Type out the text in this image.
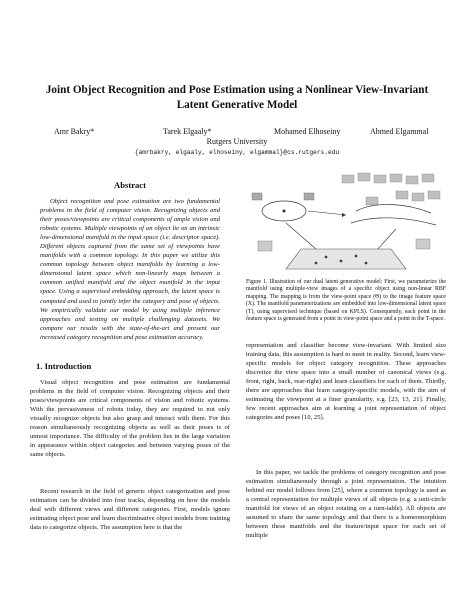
Joint Object Recognition and Pose Estimation using a Nonlinear View-Invariant Latent Generative Model
Amr Bakry*	Tarek Elgaaly*	Mohamed Elhoseiny	Ahmed Elgammal
Rutgers University
{amrbakry, elgaaly, elhoseiny, elgammal}@cs.rutgers.edu
Abstract

Object recognition and pose estimation are two fundamental problems in the field of computer vision. Recognizing objects and their poses/viewpoints are critical components of ample vision and robotic systems. Multiple viewpoints of an object lie on an intrinsic low-dimensional manifold in the input space (i.e. descriptor space). Different objects captured from the same set of viewpoints have manifolds with a common topology. In this paper we utilize this common topology between object manifolds by learning a low-dimensional latent space which non-linearly maps between a common unified manifold and the object manifold in the input space. Using a supervised embedding approach, the latent space is computed and used to jointly infer the category and pose of objects. We empirically validate our model by using multiple inference approaches and testing on multiple challenging datasets. We compare our results with the state-of-the-art and present our increased category recognition and pose estimation accuracy.

Figure 1. Illustration of our dual latent generative model: First, we parameterize the manifold using multiple-view images of a specific object using non-linear RBF mapping. The mapping is from the view-point space (Θ) to the image feature space (X). The manifold parameterizations are embedded into low-dimensional latent space (T), using supervised technique (based on KPLS). Consequently, each point in the feature space is generated from a point in view-point space and a point in the T-space.

1. Introduction

Visual object recognition and pose estimation are fundamental problems in the field of computer vision. Recognizing objects and their poses/viewpoints are critical components of vision and robotic systems. With the pervasiveness of robots today, they are required to not only visually recognize objects but also grasp and interact with them. For this reason simultaneously recognizing objects as well as their poses is of utmost importance. The difficulty of the problem lies in the large variation in appearance within object categories and between varying poses of the same objects.

Recent research in the field of generic object categorization and pose estimation can be divided into four tracks, depending on how the models deal with different views and different categories. First, models ignore estimating object pose and learn discriminative object models from training data to categorize objects. The assumption here is that the

representation and classifier become view-invariant. With limited size training data, this assumption is hard to meet in reality. Second, learn view-specific models for object category recognition. These approaches discretize the view space into a small number of canonical views (e.g. front, right, back, rear-right) and learn classifiers for each of them. Thirdly, there are approaches that learn category-specific models, with the aim of estimating the viewpoint at a finer granularity, e.g. [23, 13, 21]. Finally, few recent approaches aim at learning a joint representation of object categories and poses [10, 25].

In this paper, we tackle the problems of category recognition and pose estimation simultaneously through a joint representation. The intuition behind our model follows from [25], where a common topology is used as a central representation for multiple views of all objects (e.g. a unit-circle manifold for views of an object rotating on a turn-table). All objects are assumed to share the same topology and that there is a homeomorphism between these manifolds and the feature/input space for each set of multiple
